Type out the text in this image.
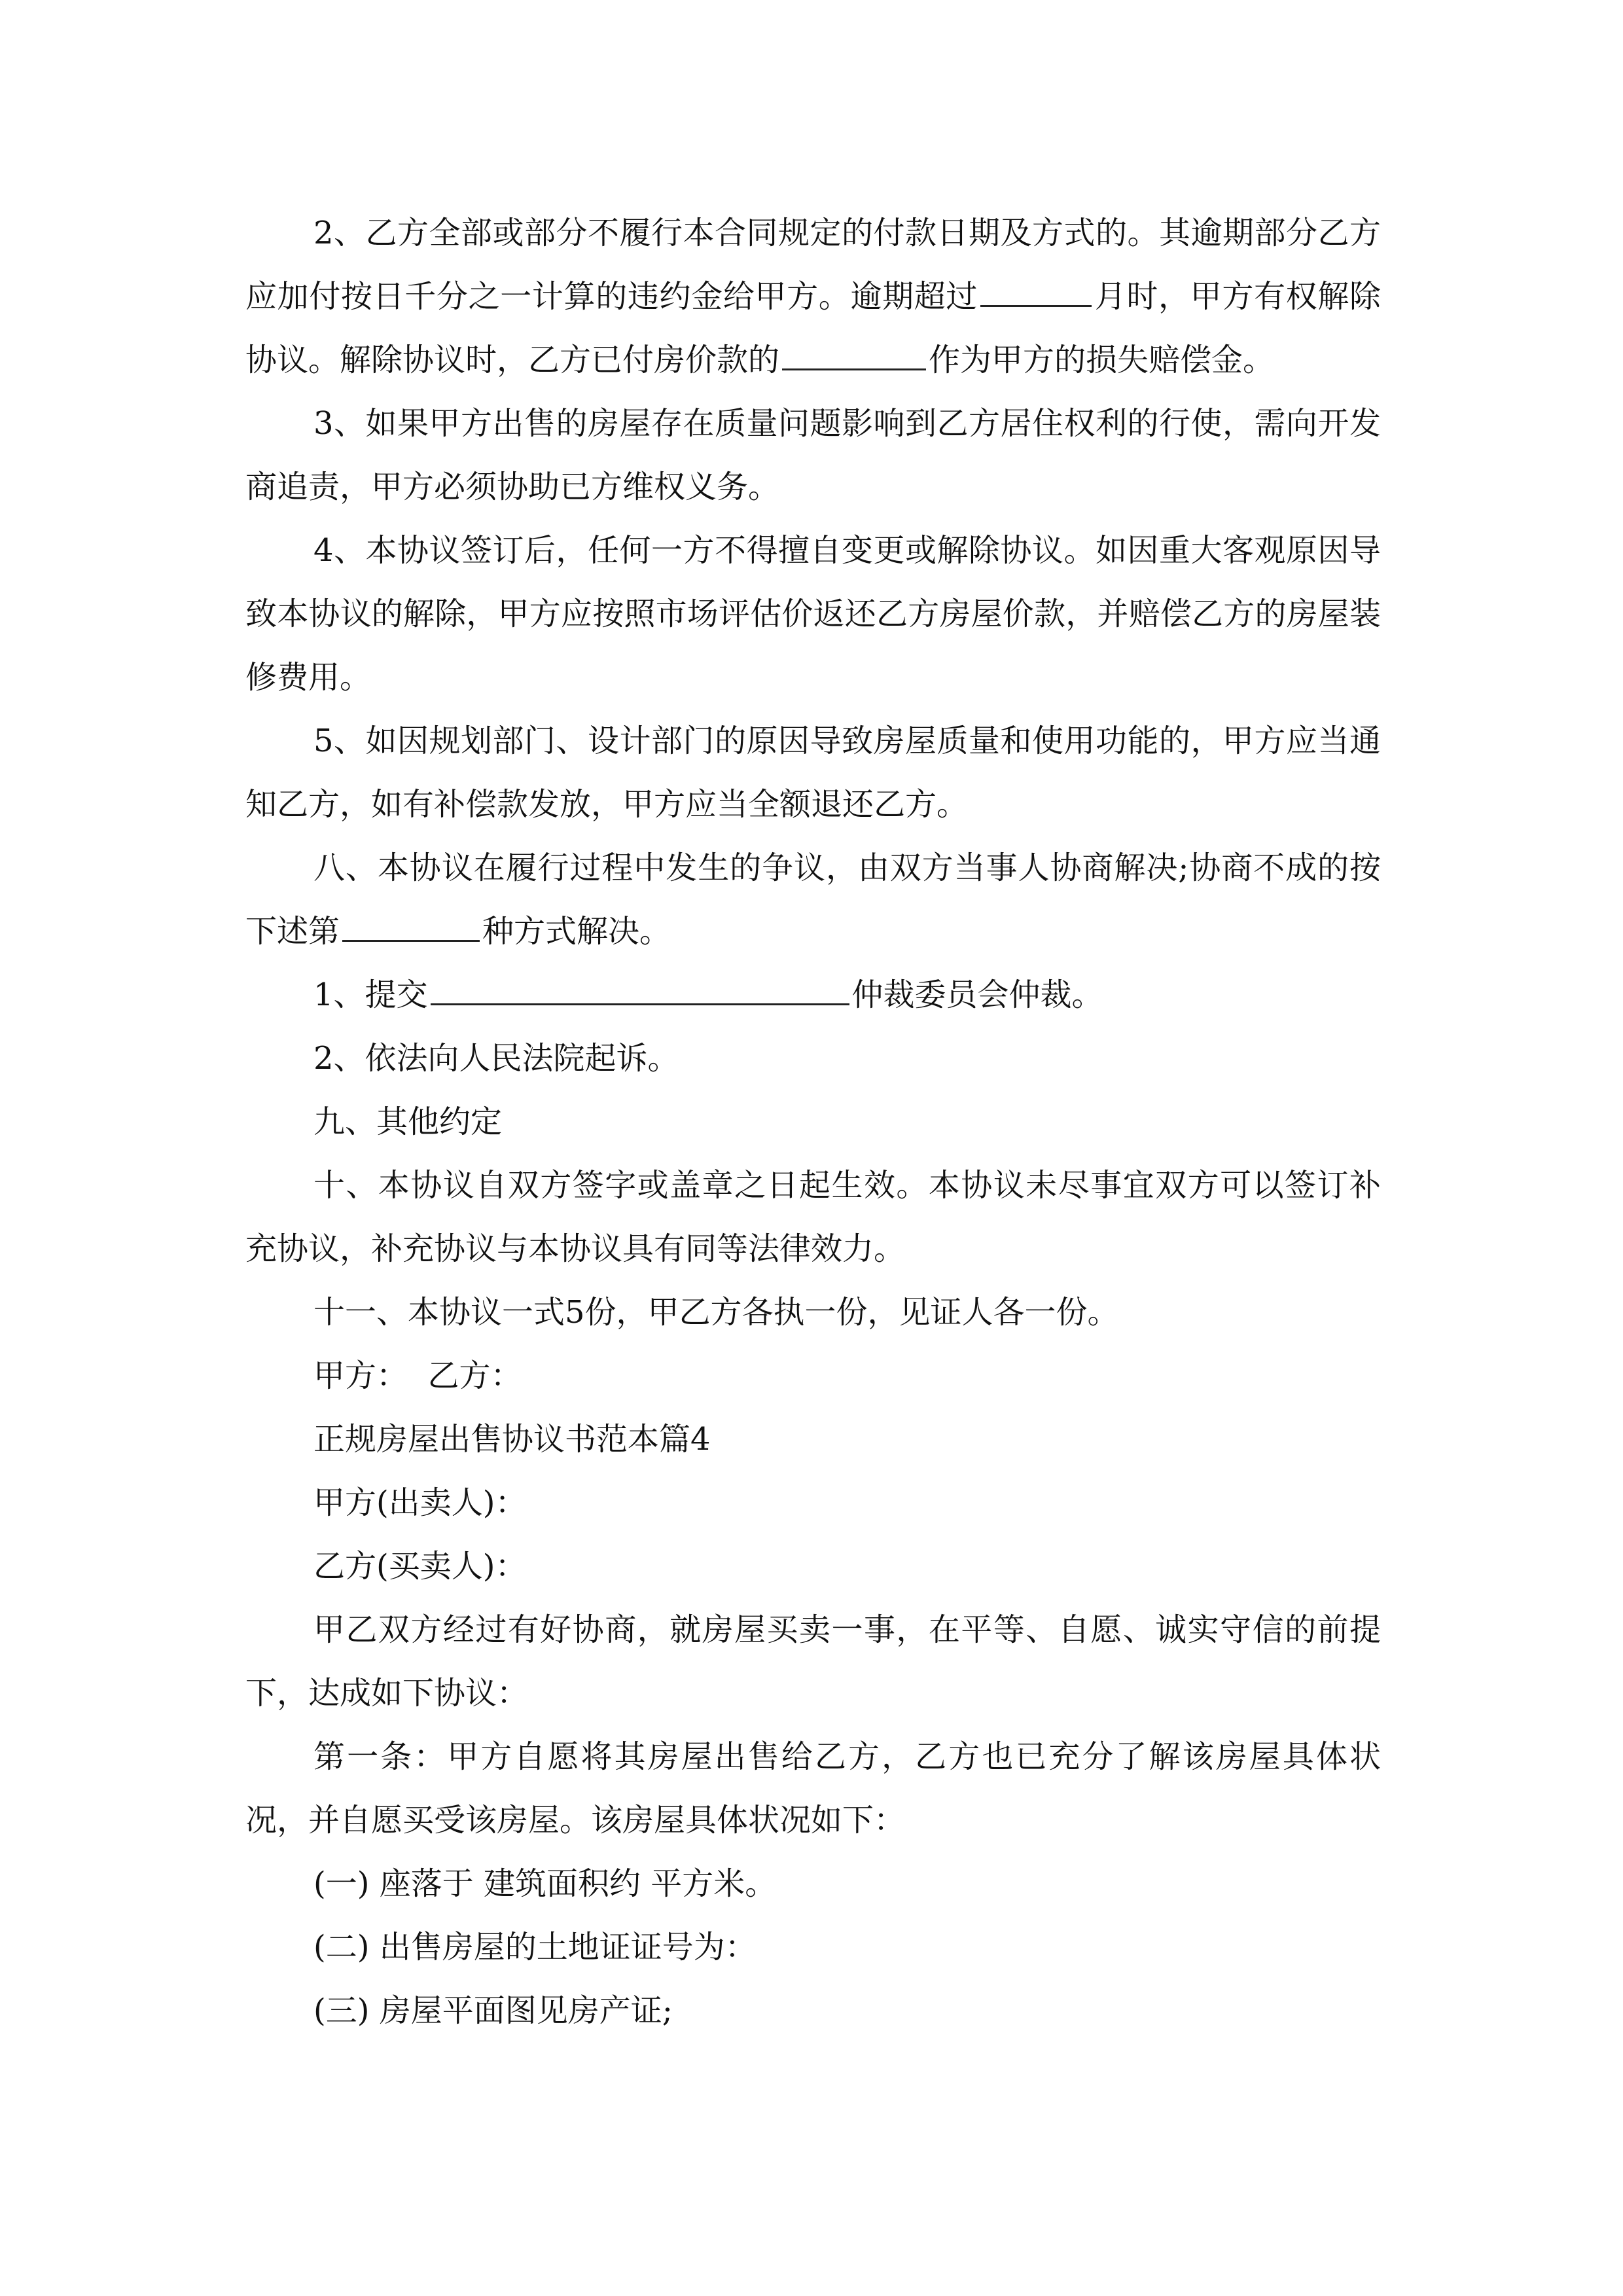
2、乙方全部或部分不履行本合同规定的付款日期及方式的。其逾期部分乙方应加付按日千分之一计算的违约金给甲方。逾期超过	月时，甲方有权解除协议。解除协议时，乙方已付房价款的	作为甲方的损失赔偿金。

3、如果甲方出售的房屋存在质量问题影响到乙方居住权利的行使，需向开发商追责，甲方必须协助已方维权义务。

4、本协议签订后，任何一方不得擅自变更或解除协议。如因重大客观原因导致本协议的解除，甲方应按照市场评估价返还乙方房屋价款，并赔偿乙方的房屋装修费用。

5、如因规划部门、设计部门的原因导致房屋质量和使用功能的，甲方应当通知乙方，如有补偿款发放，甲方应当全额退还乙方。

八、本协议在履行过程中发生的争议，由双方当事人协商解决;协商不成的按下述第	种方式解决。

1、提交	仲裁委员会仲裁。

2、依法向人民法院起诉。

九、其他约定

十、本协议自双方签字或盖章之日起生效。本协议未尽事宜双方可以签订补充协议，补充协议与本协议具有同等法律效力。

十一、本协议一式5份，甲乙方各执一份，见证人各一份。

甲方：  乙方：

正规房屋出售协议书范本篇4

甲方(出卖人)：

乙方(买卖人)：

甲乙双方经过有好协商，就房屋买卖一事，在平等、自愿、诚实守信的前提下，达成如下协议：

第一条：甲方自愿将其房屋出售给乙方，乙方也已充分了解该房屋具体状况，并自愿买受该房屋。该房屋具体状况如下：

(一) 座落于 建筑面积约 平方米。

(二) 出售房屋的土地证证号为：

(三) 房屋平面图见房产证;
